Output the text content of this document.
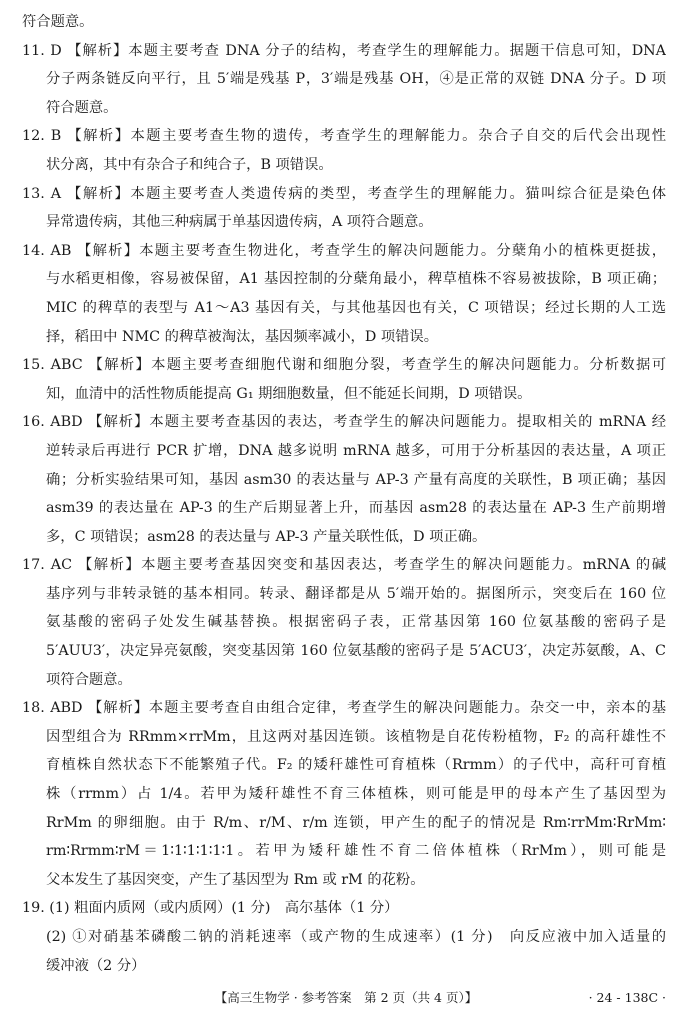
符合题意。
11. D 【解析】本题主要考查 DNA 分子的结构，考查学生的理解能力。据题干信息可知，DNA
分子两条链反向平行，且 5′端是残基 P，3′端是残基 OH，④是正常的双链 DNA 分子。D 项
符合题意。
12. B 【解析】本题主要考查生物的遗传，考查学生的理解能力。杂合子自交的后代会出现性
状分离，其中有杂合子和纯合子，B 项错误。
13. A 【解析】本题主要考查人类遗传病的类型，考查学生的理解能力。猫叫综合征是染色体
异常遗传病，其他三种病属于单基因遗传病，A 项符合题意。
14. AB 【解析】本题主要考查生物进化，考查学生的解决问题能力。分蘖角小的植株更挺拔，
与水稻更相像，容易被保留，A1 基因控制的分蘖角最小，稗草植株不容易被拔除，B 项正确；
MIC 的稗草的表型与 A1～A3 基因有关，与其他基因也有关，C 项错误；经过长期的人工选
择，稻田中 NMC 的稗草被淘汰，基因频率减小，D 项错误。
15. ABC 【解析】本题主要考查细胞代谢和细胞分裂，考查学生的解决问题能力。分析数据可
知，血清中的活性物质能提高 G₁ 期细胞数量，但不能延长间期，D 项错误。
16. ABD 【解析】本题主要考查基因的表达，考查学生的解决问题能力。提取相关的 mRNA 经
逆转录后再进行 PCR 扩增，DNA 越多说明 mRNA 越多，可用于分析基因的表达量，A 项正
确；分析实验结果可知，基因 asm30 的表达量与 AP-3 产量有高度的关联性，B 项正确；基因
asm39 的表达量在 AP-3 的生产后期显著上升，而基因 asm28 的表达量在 AP-3 生产前期增
多，C 项错误；asm28 的表达量与 AP-3 产量关联性低，D 项正确。
17. AC 【解析】本题主要考查基因突变和基因表达，考查学生的解决问题能力。mRNA 的碱
基序列与非转录链的基本相同。转录、翻译都是从 5′端开始的。据图所示，突变后在 160 位
氨基酸的密码子处发生碱基替换。根据密码子表，正常基因第 160 位氨基酸的密码子是
5′AUU3′，决定异亮氨酸，突变基因第 160 位氨基酸的密码子是 5′ACU3′，决定苏氨酸，A、C
项符合题意。
18. ABD 【解析】本题主要考查自由组合定律，考查学生的解决问题能力。杂交一中，亲本的基
因型组合为 RRmm×rrMm，且这两对基因连锁。该植物是自花传粉植物，F₂ 的高秆雄性不
育植株自然状态下不能繁殖子代。F₂ 的矮秆雄性可育植株（Rrmm）的子代中，高秆可育植
株（rrmm）占 1/4。若甲为矮秆雄性不育三体植株，则可能是甲的母本产生了基因型为
RrMm 的卵细胞。由于 R/m、r/M、r/m 连锁，甲产生的配子的情况是 Rm∶rrMm∶RrMm∶
rm∶Rrmm∶rM＝1∶1∶1∶1∶1∶1。若甲为矮秆雄性不育二倍体植株（RrMm），则可能是
父本发生了基因突变，产生了基因型为 Rm 或 rM 的花粉。
19. (1) 粗面内质网（或内质网）(1 分)　高尔基体（1 分）
(2) ①对硝基苯磷酸二钠的消耗速率（或产物的生成速率）(1 分)　向反应液中加入适量的
缓冲液（2 分）
【高三生物学 · 参考答案　第 2 页（共 4 页）】	· 24 - 138C ·
